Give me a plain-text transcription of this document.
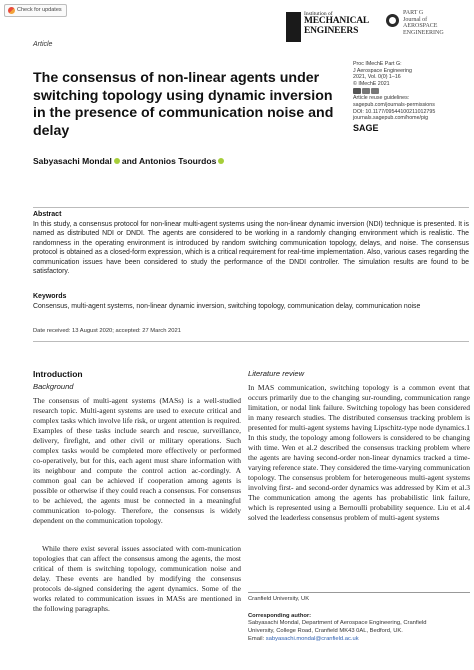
Check for updates
Institution of
MECHANICAL
ENGINEERS
PART G
Journal of
AEROSPACE
ENGINEERING
Article
The consensus of non-linear agents under switching topology using dynamic inversion in the presence of communication noise and delay
Proc IMechE Part G:
J Aerospace Engineering
2021, Vol. 0(0) 1–16
© IMechE 2021
Article reuse guidelines:
sagepub.com/journals-permissions
DOI: 10.1177/09544100211012795
journals.sagepub.com/home/pig
SAGE
Sabyasachi Mondal and Antonios Tsourdos
Abstract

In this study, a consensus protocol for non-linear multi-agent systems using the non-linear dynamic inversion (NDI) technique is presented. It is named as distributed NDI or DNDI. The agents are considered to be working in a randomly changing environment which is realistic. The randomness in the operating environment is introduced by random switching communication topology, delays, and noise. The consensus protocol is obtained as a closed-form expression, which is a critical requirement for real-time implementation. Also, various cases regarding the communication issues have been considered to study the performance of the DNDI controller. The simulation results are found to be satisfactory.

Keywords

Consensus, multi-agent systems, non-linear dynamic inversion, switching topology, communication delay, communication noise

Date received: 13 August 2020; accepted: 27 March 2021
Introduction
Background

The consensus of multi-agent systems (MASs) is a well-studied research topic. Multi-agent systems are used to execute critical and complex tasks which involve life risk, or urgent attention is required. Examples of these tasks include search and rescue, surveillance, delivery, firefight, and other civil or military operations. Such complex tasks would be completed more effectively or performed co-operatively, but for this, each agent must share information with its neighbour and compute the control action ac-cordingly. A common goal can be achieved if cooperation among agents is possible or otherwise if they could reach a consensus. For consensus to be achieved, the agents must be connected in a meaningful communication to-pology. Therefore, the consensus is widely dependent on the communication topology.

While there exist several issues associated with com-munication topologies that can affect the consensus among the agents, the most critical of them is switching topology, communication noise and delay. These events are handled by modifying the consensus protocols de-signed considering the agent dynamics. Some of the works related to communication issues in MASs are mentioned in the following paragraphs.

Literature review

In MAS communication, switching topology is a common event that occurs primarily due to the changing sur-rounding, communication range limitation, or nodal link failure. Switching topology has been considered in many research studies. The distributed consensus tracking problem is presented for multi-agent systems having Lipschitz-type node dynamics.1 In this study, the topology among followers is considered to be changing with time. Wen et al.2 described the consensus tracking problem where the agents are having second-order non-linear dynamics tracked a time-varying reference state. They considered the time-varying communication topology. The consensus problem for heterogeneous multi-agent systems involving first- and second-order dynamics was addressed by Kim et al.3 The communication among the agents has probabilistic link failure, which is represented using a Bernoulli probability sequence. Liu et al.4 solved the leaderless consensus problem of multi-agent systems

Cranfield University, UK
Corresponding author:

Sabyasachi Mondal, Department of Aerospace Engineering, Cranfield
University, College Road, Cranfield MK43 0AL, Bedford, UK.

Email: sabyasachi.mondal@cranfield.ac.uk
